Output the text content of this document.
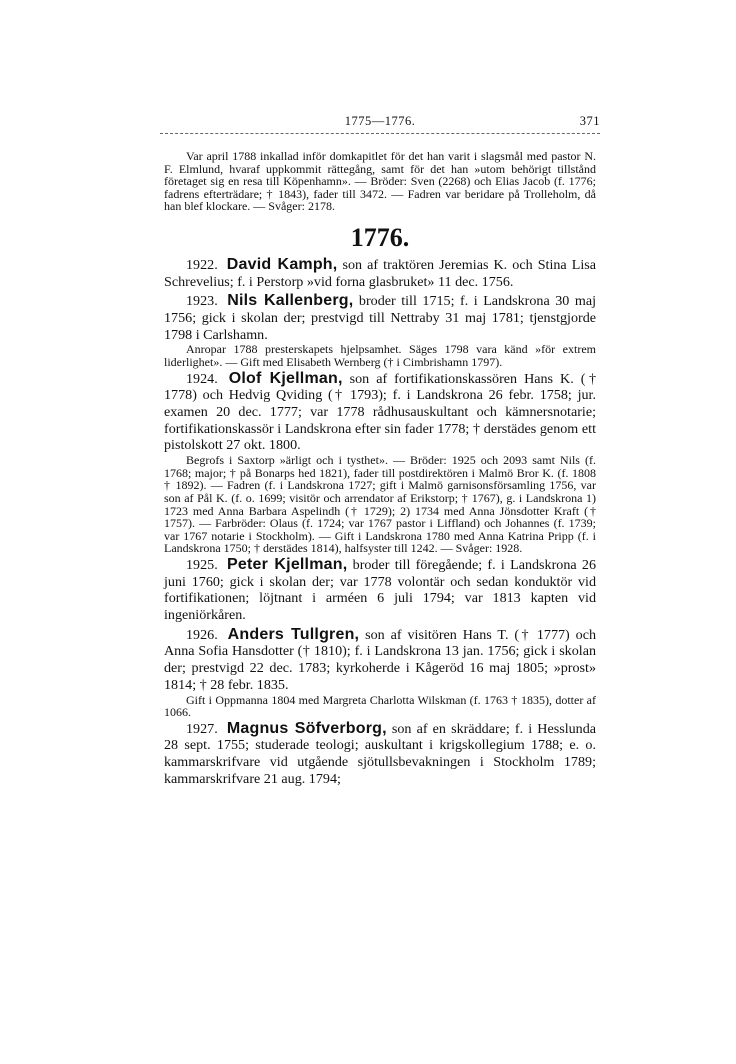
1775—1776.	371

Var april 1788 inkallad inför domkapitlet för det han varit i slagsmål med pastor N. F. Elmlund, hvaraf uppkommit rättegång, samt för det han »utom behörigt tillstånd företaget sig en resa till Köpenhamn». — Bröder: Sven (2268) och Elias Jacob (f. 1776; fadrens efterträdare; † 1843), fader till 3472. — Fadren var beridare på Trolleholm, då han blef klockare. — Svåger: 2178.

1776.

1922. David Kamph, son af traktören Jeremias K. och Stina Lisa Schrevelius; f. i Perstorp »vid forna glasbruket» 11 dec. 1756.

1923. Nils Kallenberg, broder till 1715; f. i Landskrona 30 maj 1756; gick i skolan der; prestvigd till Nettraby 31 maj 1781; tjenstgjorde 1798 i Carlshamn.

Anropar 1788 presterskapets hjelpsamhet. Säges 1798 vara känd »för extrem liderlighet». — Gift med Elisabeth Wernberg († i Cimbrishamn 1797).

1924. Olof Kjellman, son af fortifikationskassören Hans K. († 1778) och Hedvig Qviding († 1793); f. i Landskrona 26 febr. 1758; jur. examen 20 dec. 1777; var 1778 rådhusauskultant och kämnersnotarie; fortifikationskassör i Landskrona efter sin fader 1778; † derstädes genom ett pistolskott 27 okt. 1800.

Begrofs i Saxtorp »ärligt och i tysthet». — Bröder: 1925 och 2093 samt Nils (f. 1768; major; † på Bonarps hed 1821), fader till postdirektören i Malmö Bror K. (f. 1808 † 1892). — Fadren (f. i Landskrona 1727; gift i Malmö garnisonsförsamling 1756, var son af Pål K. (f. o. 1699; visitör och arrendator af Erikstorp; † 1767), g. i Landskrona 1) 1723 med Anna Barbara Aspelindh († 1729); 2) 1734 med Anna Jönsdotter Kraft († 1757). — Farbröder: Olaus (f. 1724; var 1767 pastor i Liffland) och Johannes (f. 1739; var 1767 notarie i Stockholm). — Gift i Landskrona 1780 med Anna Katrina Pripp (f. i Landskrona 1750; † derstädes 1814), halfsyster till 1242. — Svåger: 1928.

1925. Peter Kjellman, broder till föregående; f. i Landskrona 26 juni 1760; gick i skolan der; var 1778 volontär och sedan konduktör vid fortifikationen; löjtnant i arméen 6 juli 1794; var 1813 kapten vid ingeniörkåren.

1926. Anders Tullgren, son af visitören Hans T. († 1777) och Anna Sofia Hansdotter († 1810); f. i Landskrona 13 jan. 1756; gick i skolan der; prestvigd 22 dec. 1783; kyrkoherde i Kågeröd 16 maj 1805; »prost» 1814; † 28 febr. 1835.

Gift i Oppmanna 1804 med Margreta Charlotta Wilskman (f. 1763 † 1835), dotter af 1066.

1927. Magnus Söfverborg, son af en skräddare; f. i Hesslunda 28 sept. 1755; studerade teologi; auskultant i krigskollegium 1788; e. o. kammarskrifvare vid utgående sjötullsbevakningen i Stockholm 1789; kammarskrifvare 21 aug. 1794;
